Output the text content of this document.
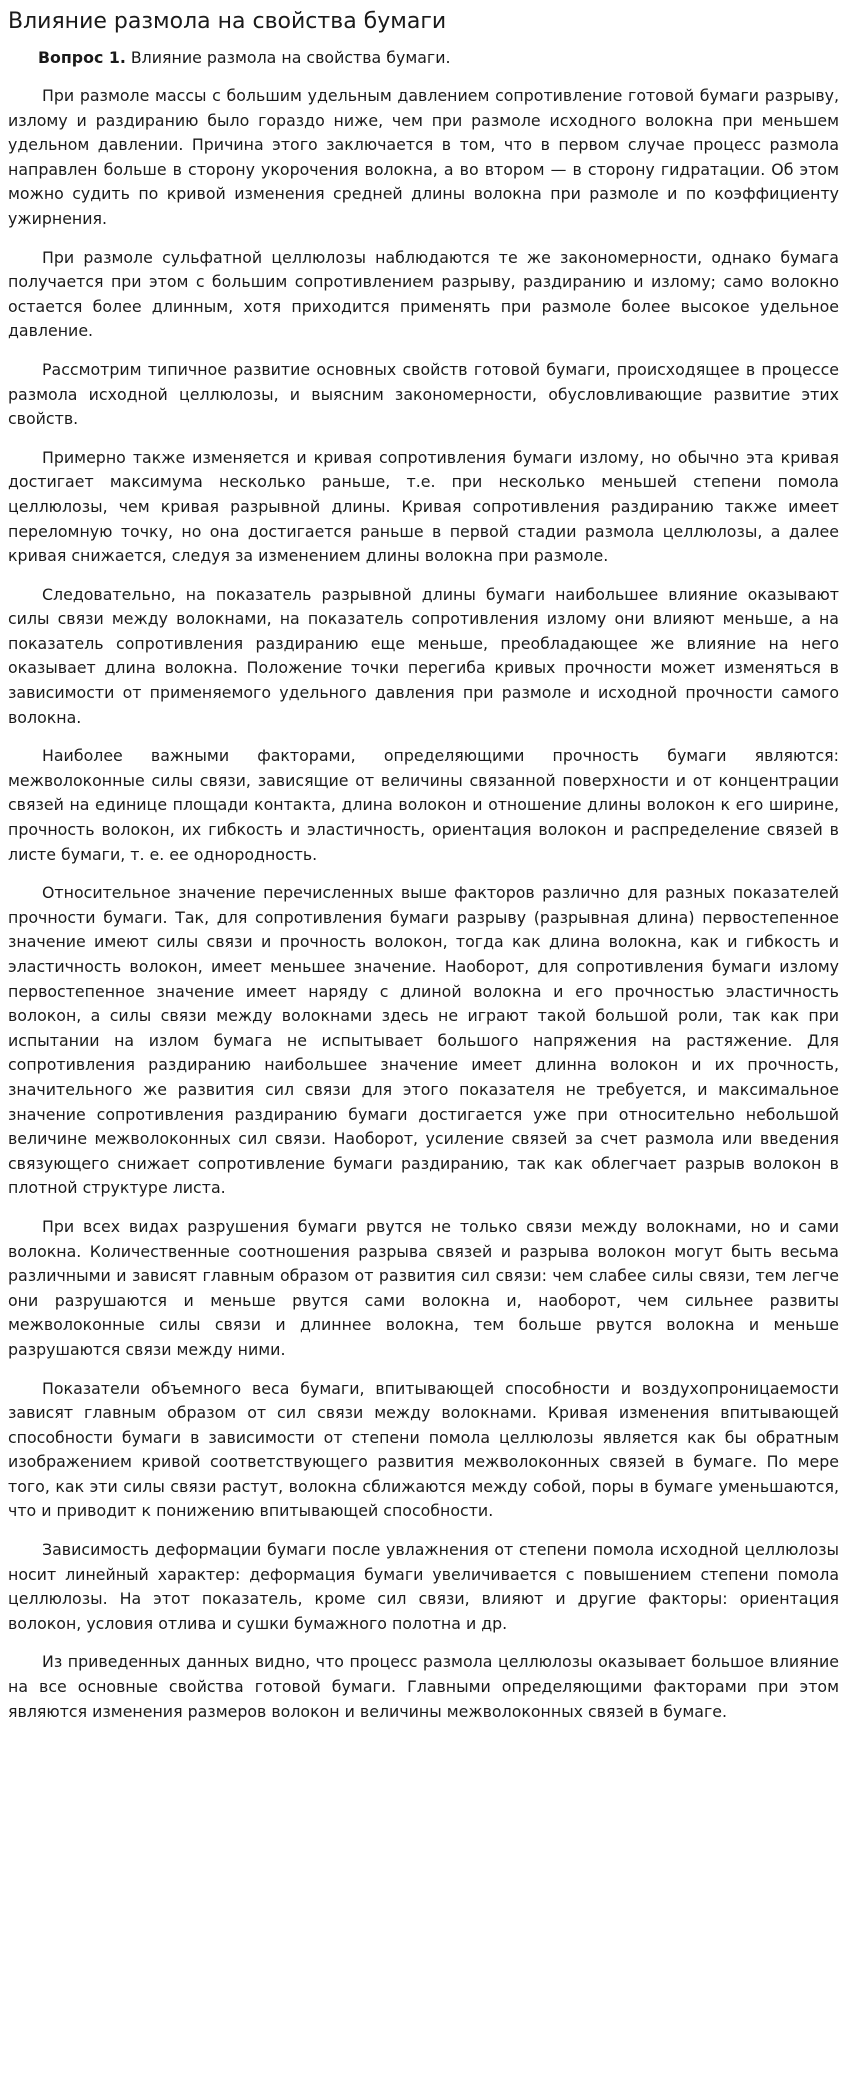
Влияние размола на свойства бумаги

Вопрос 1. Влияние размола на свойства бумаги.

При размоле массы с большим удельным давлением сопротивление готовой бумаги разрыву, излому и раздиранию было гораздо ниже, чем при размоле исходного волокна при меньшем удельном давлении. Причина этого заключается в том, что в первом случае процесс размола направлен больше в сторону укорочения волокна, а во втором — в сторону гидратации. Об этом можно судить по кривой изменения средней длины волокна при размоле и по коэффициенту ужирнения.

При размоле сульфатной целлюлозы наблюдаются те же закономерности, однако бумага получается при этом с большим сопротивлением разрыву, раздиранию и излому; само волокно остается более длинным, хотя приходится применять при размоле более высокое удельное давление.

Рассмотрим типичное развитие основных свойств готовой бумаги, происходящее в процессе размола исходной целлюлозы, и выясним закономерности, обусловливающие развитие этих свойств.

Примерно также изменяется и кривая сопротивления бумаги излому, но обычно эта кривая достигает максимума несколько раньше, т.е. при несколько меньшей степени помола целлюлозы, чем кривая разрывной длины. Кривая сопротивления раздиранию также имеет переломную точку, но она достигается раньше в первой стадии размола целлюлозы, а далее кривая снижается, следуя за изменением длины волокна при размоле.

Следовательно, на показатель разрывной длины бумаги наибольшее влияние оказывают силы связи между волокнами, на показатель сопротивления излому они влияют меньше, а на показатель сопротивления раздиранию еще меньше, преобладающее же влияние на него оказывает длина волокна. Положение точки перегиба кривых прочности может изменяться в зависимости от применяемого удельного давления при размоле и исходной прочности самого волокна.

Наиболее важными факторами, определяющими прочность бумаги являются: межволоконные силы связи, зависящие от величины связанной поверхности и от концентрации связей на единице площади контакта, длина волокон и отношение длины волокон к его ширине, прочность волокон, их гибкость и эластичность, ориентация волокон и распределение связей в листе бумаги, т. е. ее однородность.

Относительное значение перечисленных выше факторов различно для разных показателей прочности бумаги. Так, для сопротивления бумаги разрыву (разрывная длина) первостепенное значение имеют силы связи и прочность волокон, тогда как длина волокна, как и гибкость и эластичность волокон, имеет меньшее значение. Наоборот, для сопротивления бумаги излому первостепенное значение имеет наряду с длиной волокна и его прочностью эластичность волокон, а силы связи между волокнами здесь не играют такой большой роли, так как при испытании на излом бумага не испытывает большого напряжения на растяжение. Для сопротивления раздиранию наибольшее значение имеет длинна волокон и их прочность, значительного же развития сил связи для этого показателя не требуется, и максимальное значение сопротивления раздиранию бумаги достигается уже при относительно небольшой величине межволоконных сил связи. Наоборот, усиление связей за счет размола или введения связующего снижает сопротивление бумаги раздиранию, так как облегчает разрыв волокон в плотной структуре листа.

При всех видах разрушения бумаги рвутся не только связи между волокнами, но и сами волокна. Количественные соотношения разрыва связей и разрыва волокон могут быть весьма различными и зависят главным образом от развития сил связи: чем слабее силы связи, тем легче они разрушаются и меньше рвутся сами волокна и, наоборот, чем сильнее развиты межволоконные силы связи и длиннее волокна, тем больше рвутся волокна и меньше разрушаются связи между ними.

Показатели объемного веса бумаги, впитывающей способности и воздухопроницаемости зависят главным образом от сил связи между волокнами. Кривая изменения впитывающей способности бумаги в зависимости от степени помола целлюлозы является как бы обратным изображением кривой соответствующего развития межволоконных связей в бумаге. По мере того, как эти силы связи растут, волокна сближаются между собой, поры в бумаге уменьшаются, что и приводит к понижению впитывающей способности.

Зависимость деформации бумаги после увлажнения от степени помола исходной целлюлозы носит линейный характер: деформация бумаги увеличивается с повышением степени помола целлюлозы. На этот показатель, кроме сил связи, влияют и другие факторы: ориентация волокон, условия отлива и сушки бумажного полотна и др.

Из приведенных данных видно, что процесс размола целлюлозы оказывает большое влияние на все основные свойства готовой бумаги. Главными определяющими факторами при этом являются изменения размеров волокон и величины межволоконных связей в бумаге.
